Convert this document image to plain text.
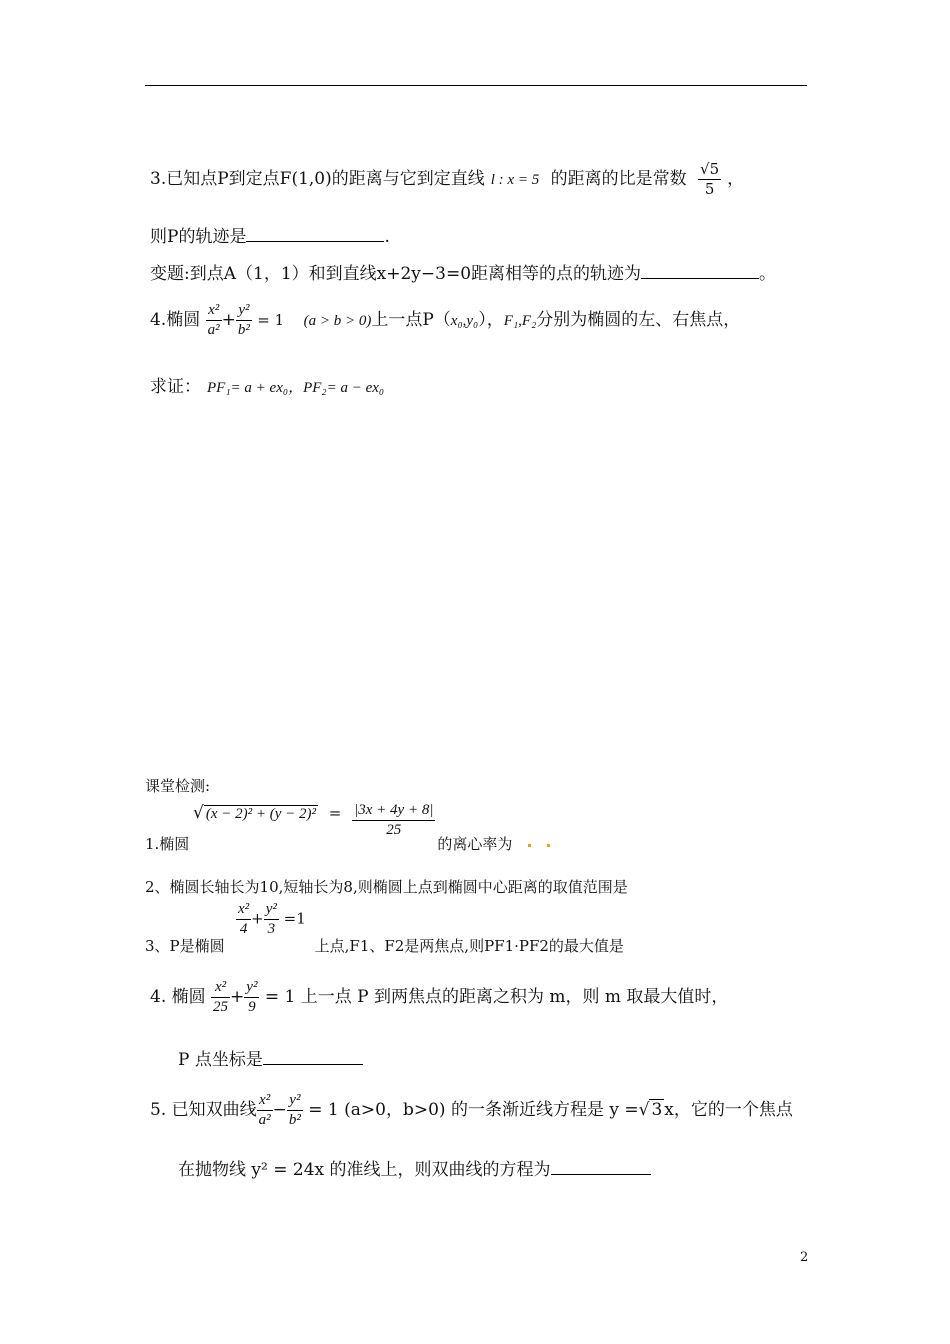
3.已知点P到定点F(1,0)的距离与它到定直线 l : x = 5 的距离的比是常数 $\frac{√5}{5}$ ，
则P的轨迹是	.
变题:到点A（1，1）和到直线x+2y−3=0距离相等的点的轨迹为	。
4.椭圆 $\frac{\text{x²}}{\text{a²}} + \frac{\text{y²}}{\text{b²}} = 1$ (a > b > 0)上一点P（x₀,y₀），F₁,F₂分别为椭圆的左、右焦点，
求证： PF₁= a + ex₀，PF₂= a − ex₀
课堂检测:
√ $(x - 2)^2 + (y - 2)^2 = \frac{|3x + 4y + 8|}{25}$
1.椭圆	的离心率为
2、椭圆长轴长为10,短轴长为8,则椭圆上点到椭圆中心距离的取值范围是
$\frac{\text{x²}}{4} + \frac{\text{y²}}{3} =1$
3、P是椭圆	上点,F1、F2是两焦点,则PF1·PF2的最大值是
4. 椭圆 $\frac{\text{x²}}{25} + \frac{\text{y²}}{9} = 1$ 上一点 P 到两焦点的距离之积为 m，则 m 取最大值时，
P 点坐标是
5. 已知双曲线 $\frac{\text{x²}}{\text{a²}} - \frac{\text{y²}}{\text{b²}} = 1$ (a>0，b>0) 的一条渐近线方程是 y =√ 3 x，它的一个焦点
在抛物线 y² = 24x 的准线上，则双曲线的方程为
2
